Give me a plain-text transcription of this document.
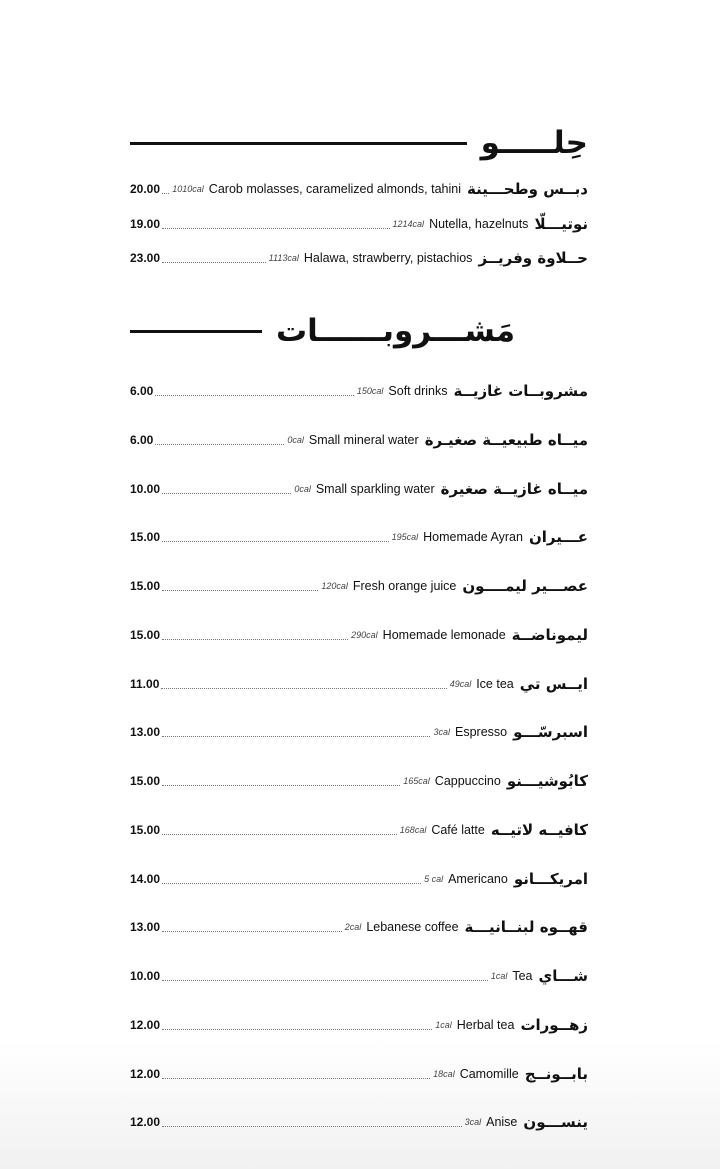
حِلـــــو
20.00 1010cal Carob molasses, caramelized almonds, tahini دبــس وطحـــينة
19.00	1214cal Nutella, hazelnuts نوتيـــلّا
23.00	1113cal Halawa, strawberry, pistachios حــلاوة وفريــز
مَشـــروبــــــات
6.00	150cal Soft drinks مشروبــات غازيــة
6.00	0cal Small mineral water ميــاه طبيعيــة صغيـرة
10.00	0cal Small sparkling water ميــاه غازيــة صغيرة
15.00	195cal Homemade Ayran عـــيران
15.00	120cal Fresh orange juice عصـــير ليمــــون
15.00	290cal Homemade lemonade ليموناضــة
11.00	49cal Ice tea ايــس تي
13.00	3cal Espresso اسبرسّـــو
15.00	165cal Cappuccino كابُوشيـــنو
15.00	168cal Café latte كافيــه لاتيــه
14.00	5 cal Americano امريكـــانو
13.00	2cal Lebanese coffee قهــوه لبنــانيـــة
10.00	1cal Tea شـــاي
12.00	1cal Herbal tea زهــورات
12.00	18cal Camomille بابــونــج
12.00	3cal Anise ينســـون
